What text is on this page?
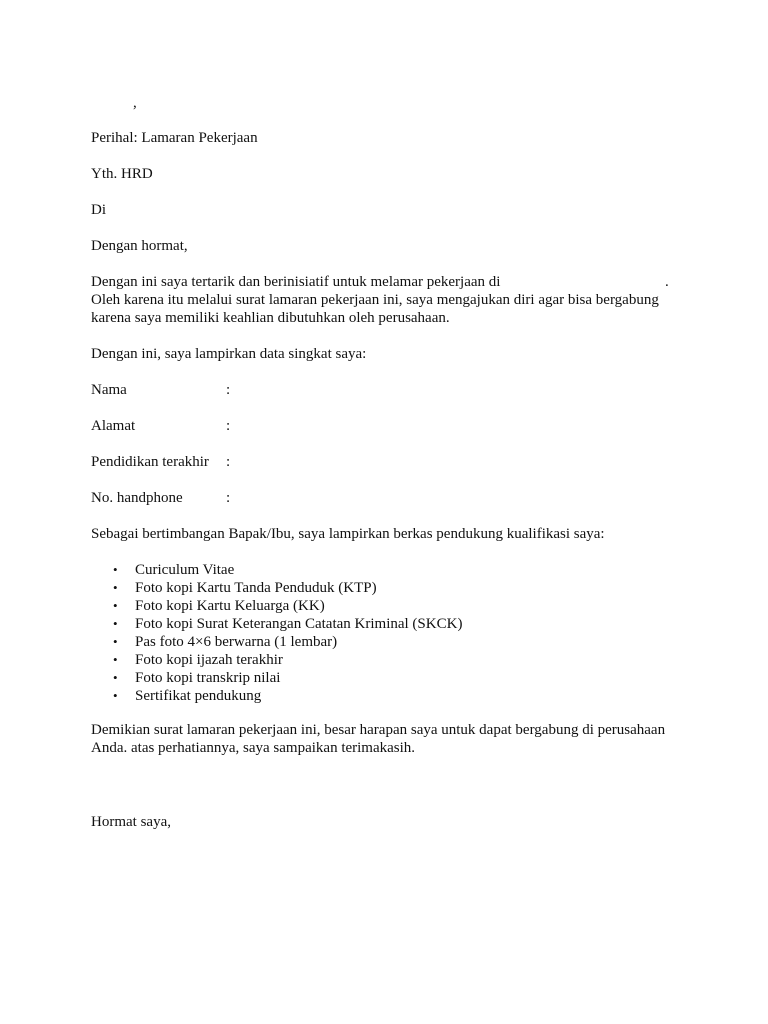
,
Perihal: Lamaran Pekerjaan
Yth. HRD
Di
Dengan hormat,
Dengan ini saya tertarik dan berinisiatif untuk melamar pekerjaan di	.
Oleh karena itu melalui surat lamaran pekerjaan ini, saya mengajukan diri agar bisa bergabung
karena saya memiliki keahlian dibutuhkan oleh perusahaan.
Dengan ini, saya lampirkan data singkat saya:
Nama	:
Alamat	:
Pendidikan terakhir :
No. handphone	:
Sebagai bertimbangan Bapak/Ibu, saya lampirkan berkas pendukung kualifikasi saya:
• Curiculum Vitae
• Foto kopi Kartu Tanda Penduduk (KTP)
• Foto kopi Kartu Keluarga (KK)
• Foto kopi Surat Keterangan Catatan Kriminal (SKCK)
• Pas foto 4×6 berwarna (1 lembar)
• Foto kopi ijazah terakhir
• Foto kopi transkrip nilai
• Sertifikat pendukung
Demikian surat lamaran pekerjaan ini, besar harapan saya untuk dapat bergabung di perusahaan
Anda. atas perhatiannya, saya sampaikan terimakasih.
Hormat saya,
